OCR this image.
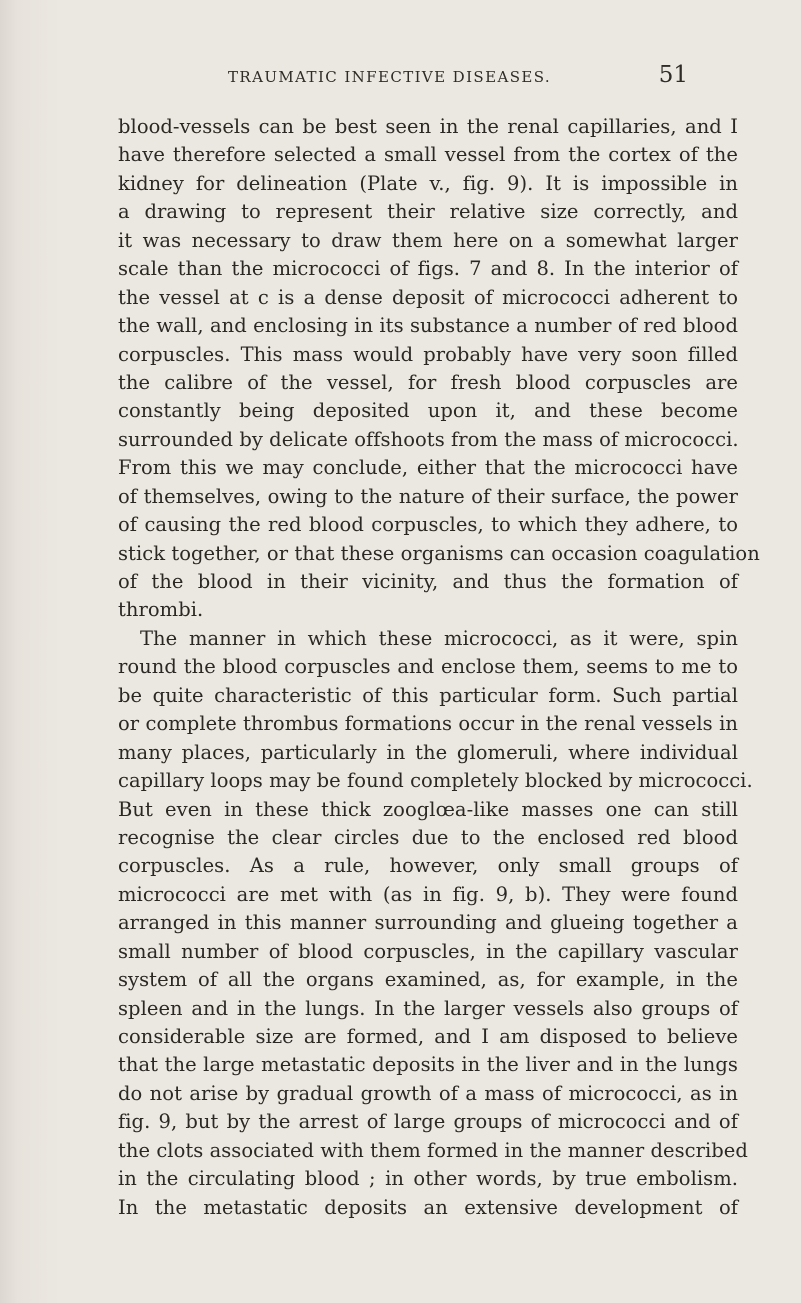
TRAUMATIC INFECTIVE DISEASES.	51
blood-vessels can be best seen in the renal capillaries, and I
have therefore selected a small vessel from the cortex of the
kidney for delineation (Plate v., fig. 9). It is impossible in
a drawing to represent their relative size correctly, and
it was necessary to draw them here on a somewhat larger
scale than the micrococci of figs. 7 and 8. In the interior of
the vessel at c is a dense deposit of micrococci adherent to
the wall, and enclosing in its substance a number of red blood
corpuscles. This mass would probably have very soon filled
the calibre of the vessel, for fresh blood corpuscles are
constantly being deposited upon it, and these become
surrounded by delicate offshoots from the mass of micrococci.
From this we may conclude, either that the micrococci have
of themselves, owing to the nature of their surface, the power
of causing the red blood corpuscles, to which they adhere, to
stick together, or that these organisms can occasion coagulation
of the blood in their vicinity, and thus the formation of
thrombi.
The manner in which these micrococci, as it were, spin
round the blood corpuscles and enclose them, seems to me to
be quite characteristic of this particular form. Such partial
or complete thrombus formations occur in the renal vessels in
many places, particularly in the glomeruli, where individual
capillary loops may be found completely blocked by micrococci.
But even in these thick zooglœa-like masses one can still
recognise the clear circles due to the enclosed red blood
corpuscles. As a rule, however, only small groups of
micrococci are met with (as in fig. 9, b). They were found
arranged in this manner surrounding and glueing together a
small number of blood corpuscles, in the capillary vascular
system of all the organs examined, as, for example, in the
spleen and in the lungs. In the larger vessels also groups of
considerable size are formed, and I am disposed to believe
that the large metastatic deposits in the liver and in the lungs
do not arise by gradual growth of a mass of micrococci, as in
fig. 9, but by the arrest of large groups of micrococci and of
the clots associated with them formed in the manner described
in the circulating blood ; in other words, by true embolism.
In the metastatic deposits an extensive development of
